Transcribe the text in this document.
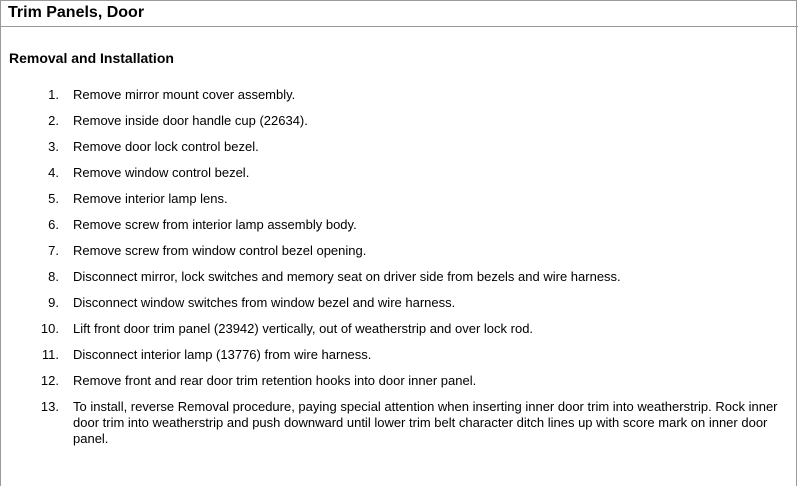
Trim Panels, Door
Removal and Installation
1. Remove mirror mount cover assembly.
2. Remove inside door handle cup (22634).
3. Remove door lock control bezel.
4. Remove window control bezel.
5. Remove interior lamp lens.
6. Remove screw from interior lamp assembly body.
7. Remove screw from window control bezel opening.
8. Disconnect mirror, lock switches and memory seat on driver side from bezels and wire harness.
9. Disconnect window switches from window bezel and wire harness.
10. Lift front door trim panel (23942) vertically, out of weatherstrip and over lock rod.
11. Disconnect interior lamp (13776) from wire harness.
12. Remove front and rear door trim retention hooks into door inner panel.
13. To install, reverse Removal procedure, paying special attention when inserting inner door trim into weatherstrip. Rock inner door trim into weatherstrip and push downward until lower trim belt character ditch lines up with score mark on inner door panel.
